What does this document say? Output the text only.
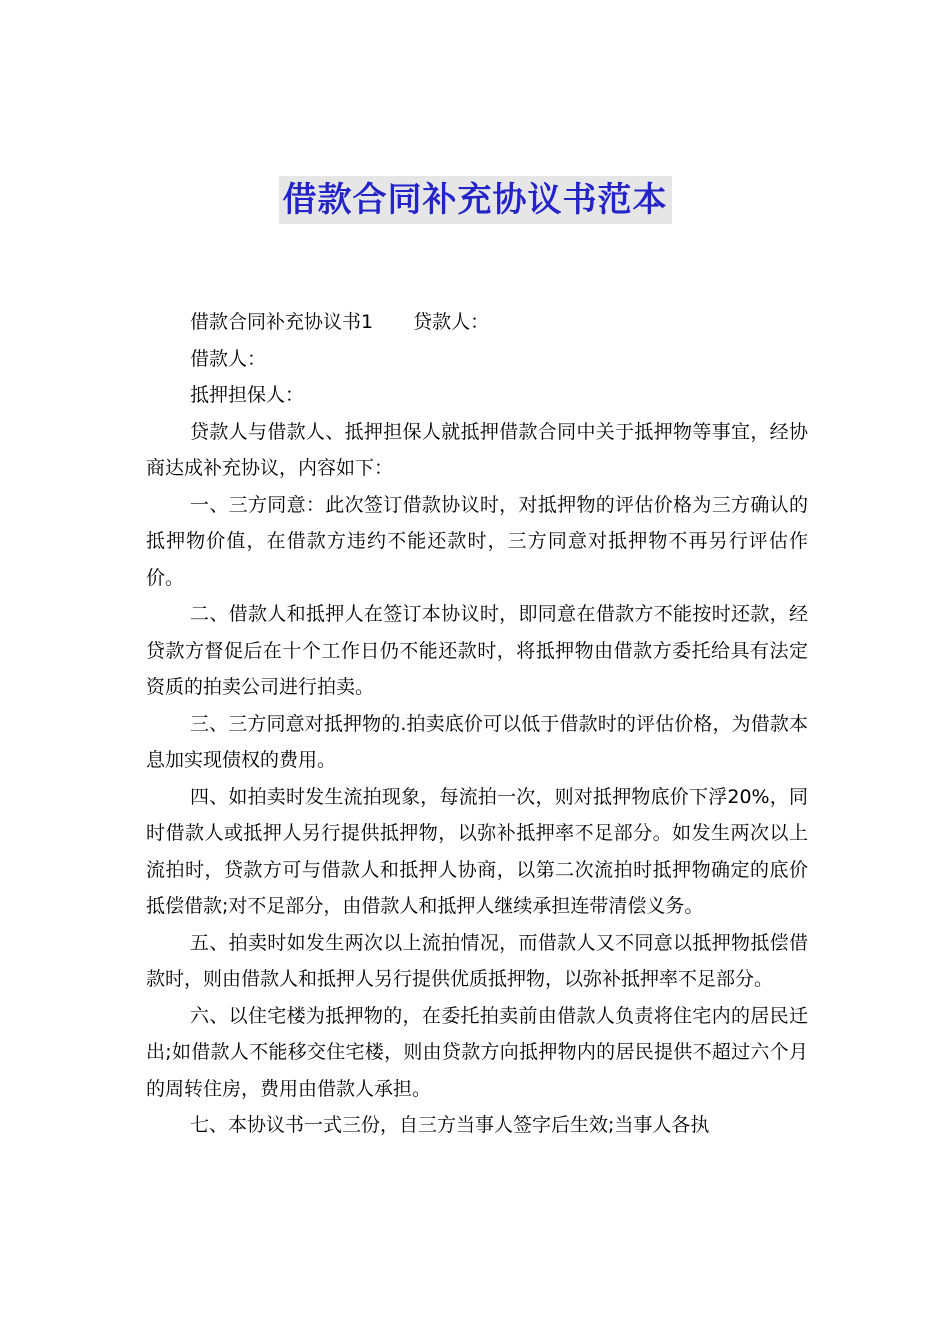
借款合同补充协议书范本

借款合同补充协议书1 贷款人：

借款人：

抵押担保人：

贷款人与借款人、抵押担保人就抵押借款合同中关于抵押物等事宜，经协商达成补充协议，内容如下：

一、三方同意：此次签订借款协议时，对抵押物的评估价格为三方确认的抵押物价值，在借款方违约不能还款时，三方同意对抵押物不再另行评估作价。

二、借款人和抵押人在签订本协议时，即同意在借款方不能按时还款，经贷款方督促后在十个工作日仍不能还款时，将抵押物由借款方委托给具有法定资质的拍卖公司进行拍卖。

三、三方同意对抵押物的.拍卖底价可以低于借款时的评估价格，为借款本息加实现债权的费用。

四、如拍卖时发生流拍现象，每流拍一次，则对抵押物底价下浮20%，同时借款人或抵押人另行提供抵押物，以弥补抵押率不足部分。如发生两次以上流拍时，贷款方可与借款人和抵押人协商，以第二次流拍时抵押物确定的底价抵偿借款;对不足部分，由借款人和抵押人继续承担连带清偿义务。

五、拍卖时如发生两次以上流拍情况，而借款人又不同意以抵押物抵偿借款时，则由借款人和抵押人另行提供优质抵押物，以弥补抵押率不足部分。

六、以住宅楼为抵押物的，在委托拍卖前由借款人负责将住宅内的居民迁出;如借款人不能移交住宅楼，则由贷款方向抵押物内的居民提供不超过六个月的周转住房，费用由借款人承担。

七、本协议书一式三份，自三方当事人签字后生效;当事人各执
